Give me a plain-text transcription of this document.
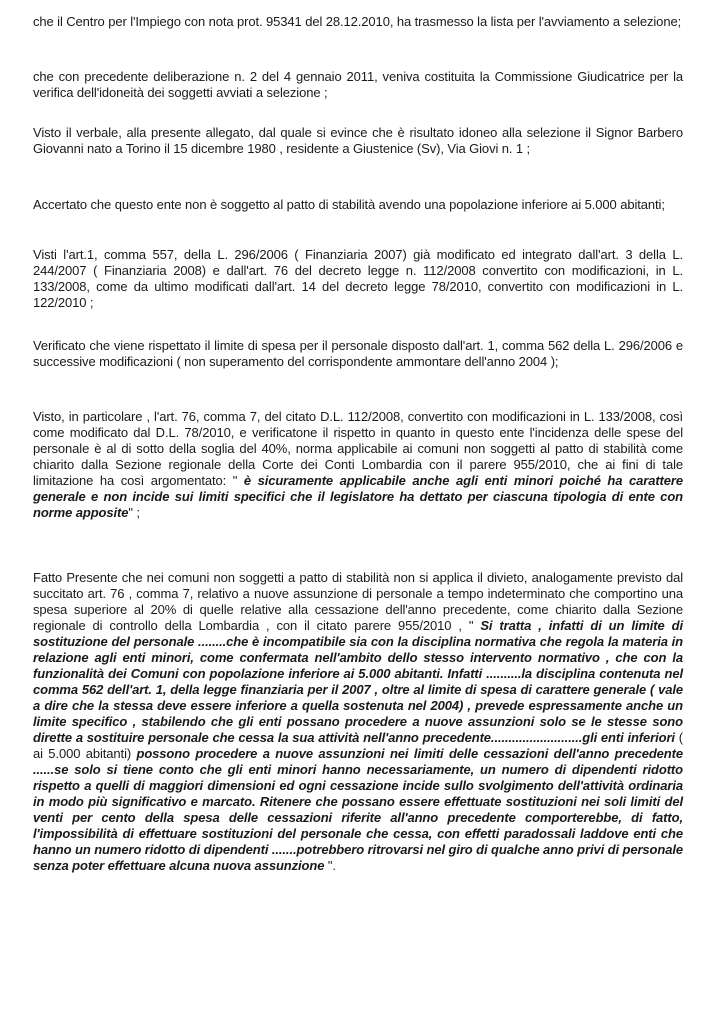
che il Centro per l'Impiego con nota prot. 95341 del 28.12.2010, ha trasmesso la lista per l'avviamento a selezione;

che con precedente deliberazione n. 2 del 4 gennaio 2011, veniva costituita la Commissione Giudicatrice per la verifica dell'idoneità dei soggetti avviati a selezione ;

Visto il verbale, alla presente allegato, dal quale si evince che è risultato idoneo alla selezione il Signor Barbero Giovanni nato a Torino il 15 dicembre 1980 , residente a Giustenice (Sv), Via Giovi n. 1 ;

Accertato che questo ente non è soggetto al patto di stabilità avendo una popolazione inferiore ai 5.000 abitanti;

Visti l'art.1, comma 557, della L. 296/2006 ( Finanziaria 2007) già modificato ed integrato dall'art. 3 della L. 244/2007 ( Finanziaria 2008) e dall'art. 76 del decreto legge n. 112/2008 convertito con modificazioni, in L. 133/2008, come da ultimo modificati dall'art. 14 del decreto legge 78/2010, convertito con modificazioni in L. 122/2010 ;

Verificato che viene rispettato il limite di spesa per il personale disposto dall'art. 1, comma 562 della L. 296/2006 e successive modificazioni ( non superamento del corrispondente ammontare dell'anno 2004 );

Visto, in particolare , l'art. 76, comma 7, del citato D.L. 112/2008, convertito con modificazioni in L. 133/2008, così come modificato dal D.L. 78/2010, e verificatone il rispetto in quanto in questo ente l'incidenza delle spese del personale è al di sotto della soglia del 40%, norma applicabile ai comuni non soggetti al patto di stabilità come chiarito dalla Sezione regionale della Corte dei Conti Lombardia con il parere 955/2010, che ai fini di tale limitazione ha così argomentato: " è sicuramente applicabile anche agli enti minori poiché ha carattere generale e non incide sui limiti specifici che il legislatore ha dettato per ciascuna tipologia di ente con norme apposite" ;

Fatto Presente che nei comuni non soggetti a patto di stabilità non si applica il divieto, analogamente previsto dal succitato art. 76 , comma 7, relativo a nuove assunzione di personale a tempo indeterminato che comportino una spesa superiore al 20% di quelle relative alla cessazione dell'anno precedente, come chiarito dalla Sezione regionale di controllo della Lombardia , con il citato parere 955/2010 , " Si tratta , infatti di un limite di sostituzione del personale ........che è incompatibile sia con la disciplina normativa che regola la materia in relazione agli enti minori, come confermata nell'ambito dello stesso intervento normativo , che con la funzionalità dei Comuni con popolazione inferiore ai 5.000 abitanti. Infatti ..........la disciplina contenuta nel comma 562 dell'art. 1, della legge finanziaria per il 2007 , oltre al limite di spesa di carattere generale ( vale a dire che la stessa deve essere inferiore a quella sostenuta nel 2004) , prevede espressamente anche un limite specifico , stabilendo che gli enti possano procedere a nuove assunzioni solo se le stesse sono dirette a sostituire personale che cessa la sua attività nell'anno precedente..........................gli enti inferiori ( ai 5.000 abitanti) possono procedere a nuove assunzioni nei limiti delle cessazioni dell'anno precedente ......se solo si tiene conto che gli enti minori hanno necessariamente, un numero di dipendenti ridotto rispetto a quelli di maggiori dimensioni ed ogni cessazione incide sullo svolgimento dell'attività ordinaria in modo più significativo e marcato. Ritenere che possano essere effettuate sostituzioni nei soli limiti del venti per cento della spesa delle cessazioni riferite all'anno precedente comporterebbe, di fatto, l'impossibilità di effettuare sostituzioni del personale che cessa, con effetti paradossali laddove enti che hanno un numero ridotto di dipendenti .......potrebbero ritrovarsi nel giro di qualche anno privi di personale senza poter effettuare alcuna nuova assunzione ".
